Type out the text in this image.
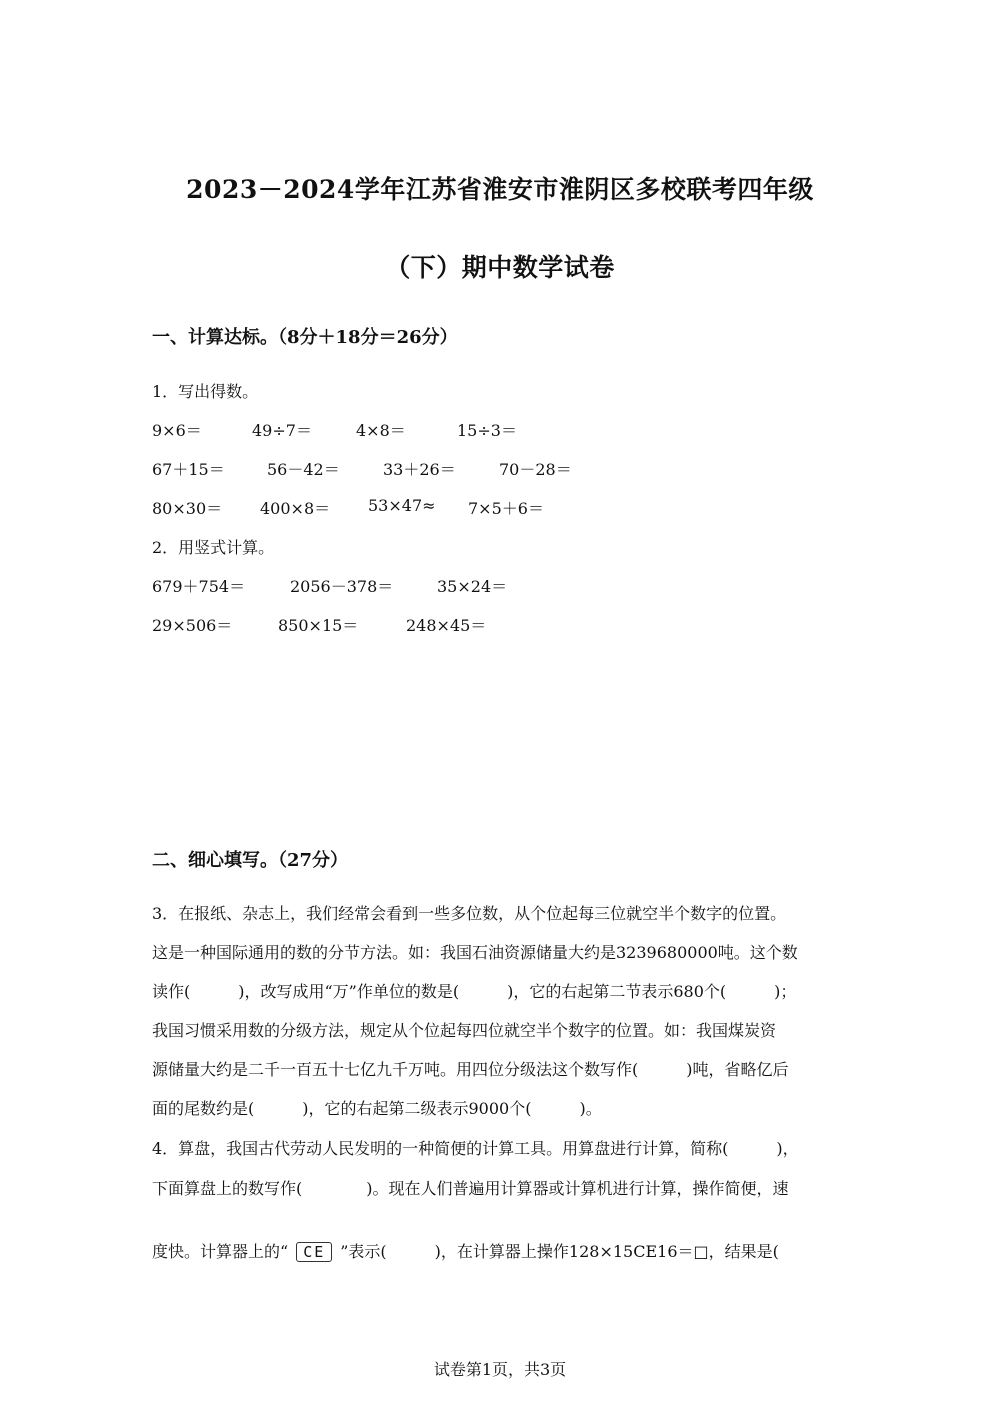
2023－2024学年江苏省淮安市淮阴区多校联考四年级
（下）期中数学试卷
一、计算达标。（8分＋18分＝26分）
1．写出得数。
9×6＝	49÷7＝	4×8＝	15÷3＝
67＋15＝	56－42＝	33＋26＝	70－28＝
80×30＝ 400×8＝ 53×47≈ 7×5＋6＝
2．用竖式计算。
679＋754＝	2056－378＝	35×24＝
29×506＝	850×15＝	248×45＝
二、细心填写。（27分）
3．在报纸、杂志上，我们经常会看到一些多位数，从个位起每三位就空半个数字的位置。
这是一种国际通用的数的分节方法。如：我国石油资源储量大约是3239680000吨。这个数
读作(　　　)，改写成用“万”作单位的数是(　　　)，它的右起第二节表示680个(　　　)；
我国习惯采用数的分级方法，规定从个位起每四位就空半个数字的位置。如：我国煤炭资
源储量大约是二千一百五十七亿九千万吨。用四位分级法这个数写作(　　　)吨，省略亿后
面的尾数约是(　　　)，它的右起第二级表示9000个(　　　)。
4．算盘，我国古代劳动人民发明的一种简便的计算工具。用算盘进行计算，简称(　　　)，
下面算盘上的数写作(　　　　)。现在人们普遍用计算器或计算机进行计算，操作简便，速
度快。计算器上的“ CE ”表示(　　　)，在计算器上操作128×15CE16＝□，结果是(
试卷第1页，共3页
